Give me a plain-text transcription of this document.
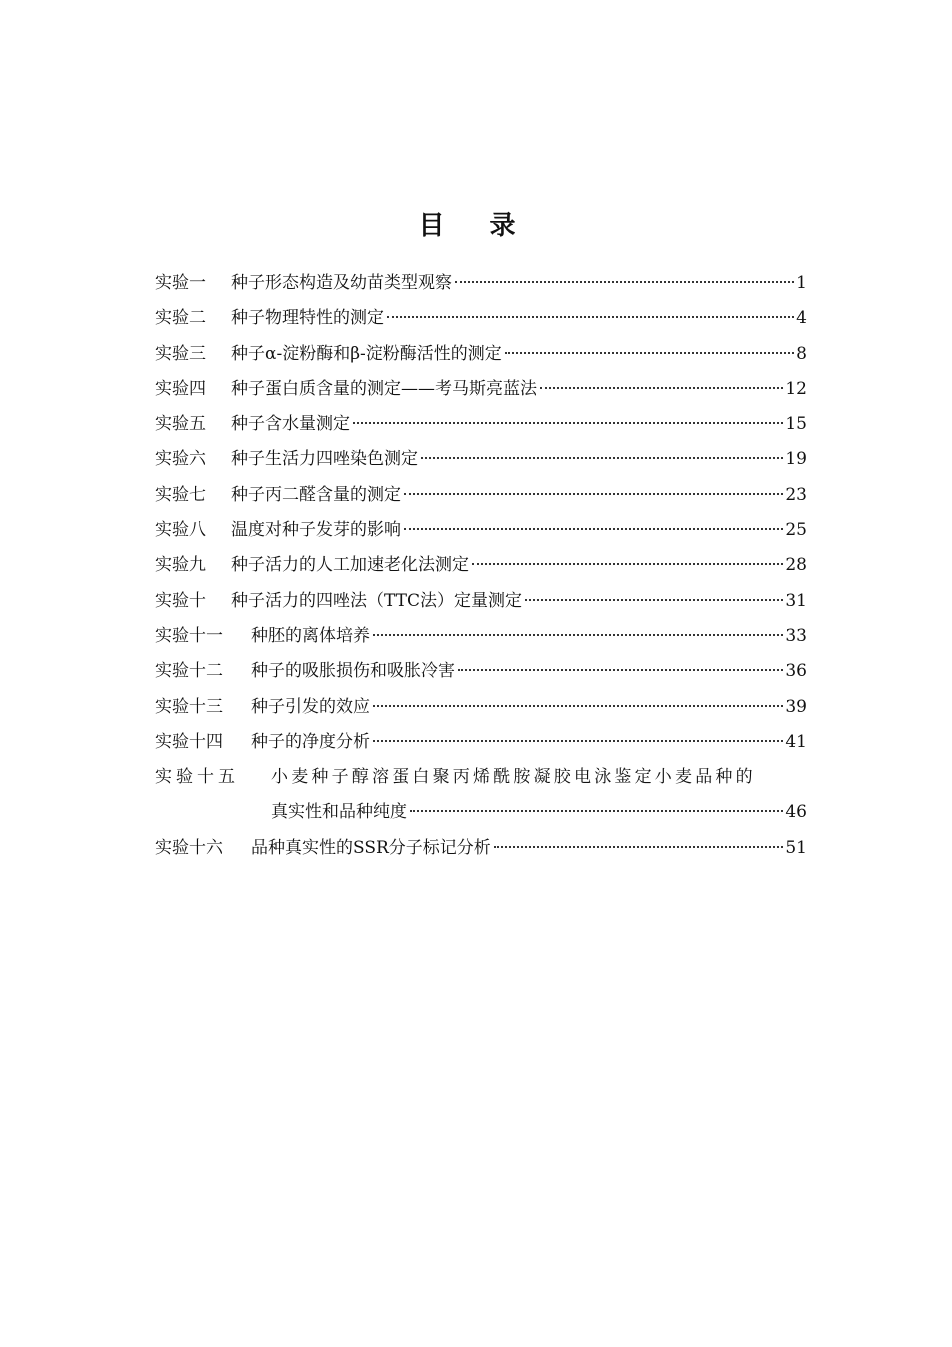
目 录
实验一	种子形态构造及幼苗类型观察	1
实验二	种子物理特性的测定	4
实验三	种子α-淀粉酶和β-淀粉酶活性的测定	8
实验四	种子蛋白质含量的测定——考马斯亮蓝法	12
实验五	种子含水量测定	15
实验六	种子生活力四唑染色测定	19
实验七	种子丙二醛含量的测定	23
实验八	温度对种子发芽的影响	25
实验九	种子活力的人工加速老化法测定	28
实验十	种子活力的四唑法（TTC法）定量测定	31
实验十一	种胚的离体培养	33
实验十二	种子的吸胀损伤和吸胀冷害	36
实验十三	种子引发的效应	39
实验十四	种子的净度分析	41
实验十五	小麦种子醇溶蛋白聚丙烯酰胺凝胶电泳鉴定小麦品种的
真实性和品种纯度	46
实验十六	品种真实性的SSR分子标记分析	51
